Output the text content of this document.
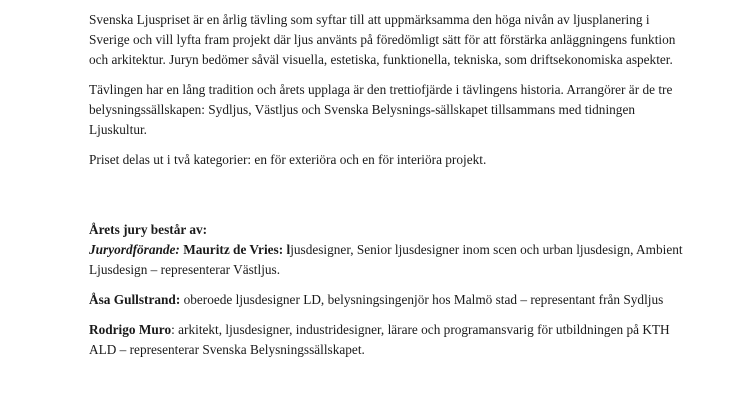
Svenska Ljuspriset är en årlig tävling som syftar till att uppmärksamma den höga nivån av ljusplanering i Sverige och vill lyfta fram projekt där ljus använts på föredömligt sätt för att förstärka anläggningens funktion och arkitektur. Juryn bedömer såväl visuella, estetiska, funktionella, tekniska, som driftsekonomiska aspekter.

Tävlingen har en lång tradition och årets upplaga är den trettiofjärde i tävlingens historia. Arrangörer är de tre belysningssällskapen: Sydljus, Västljus och Svenska Belysnings-sällskapet tillsammans med tidningen Ljuskultur.

Priset delas ut i två kategorier: en för exteriöra och en för interiöra projekt.

Årets jury består av:

Juryordförande: Mauritz de Vries: ljusdesigner, Senior ljusdesigner inom scen och urban ljusdesign, Ambient Ljusdesign – representerar Västljus.

Åsa Gullstrand: oberoede ljusdesigner LD, belysningsingenjör hos Malmö stad – representant från Sydljus

Rodrigo Muro: arkitekt, ljusdesigner, industridesigner, lärare och programansvarig för utbildningen på KTH ALD – representerar Svenska Belysningssällskapet.
